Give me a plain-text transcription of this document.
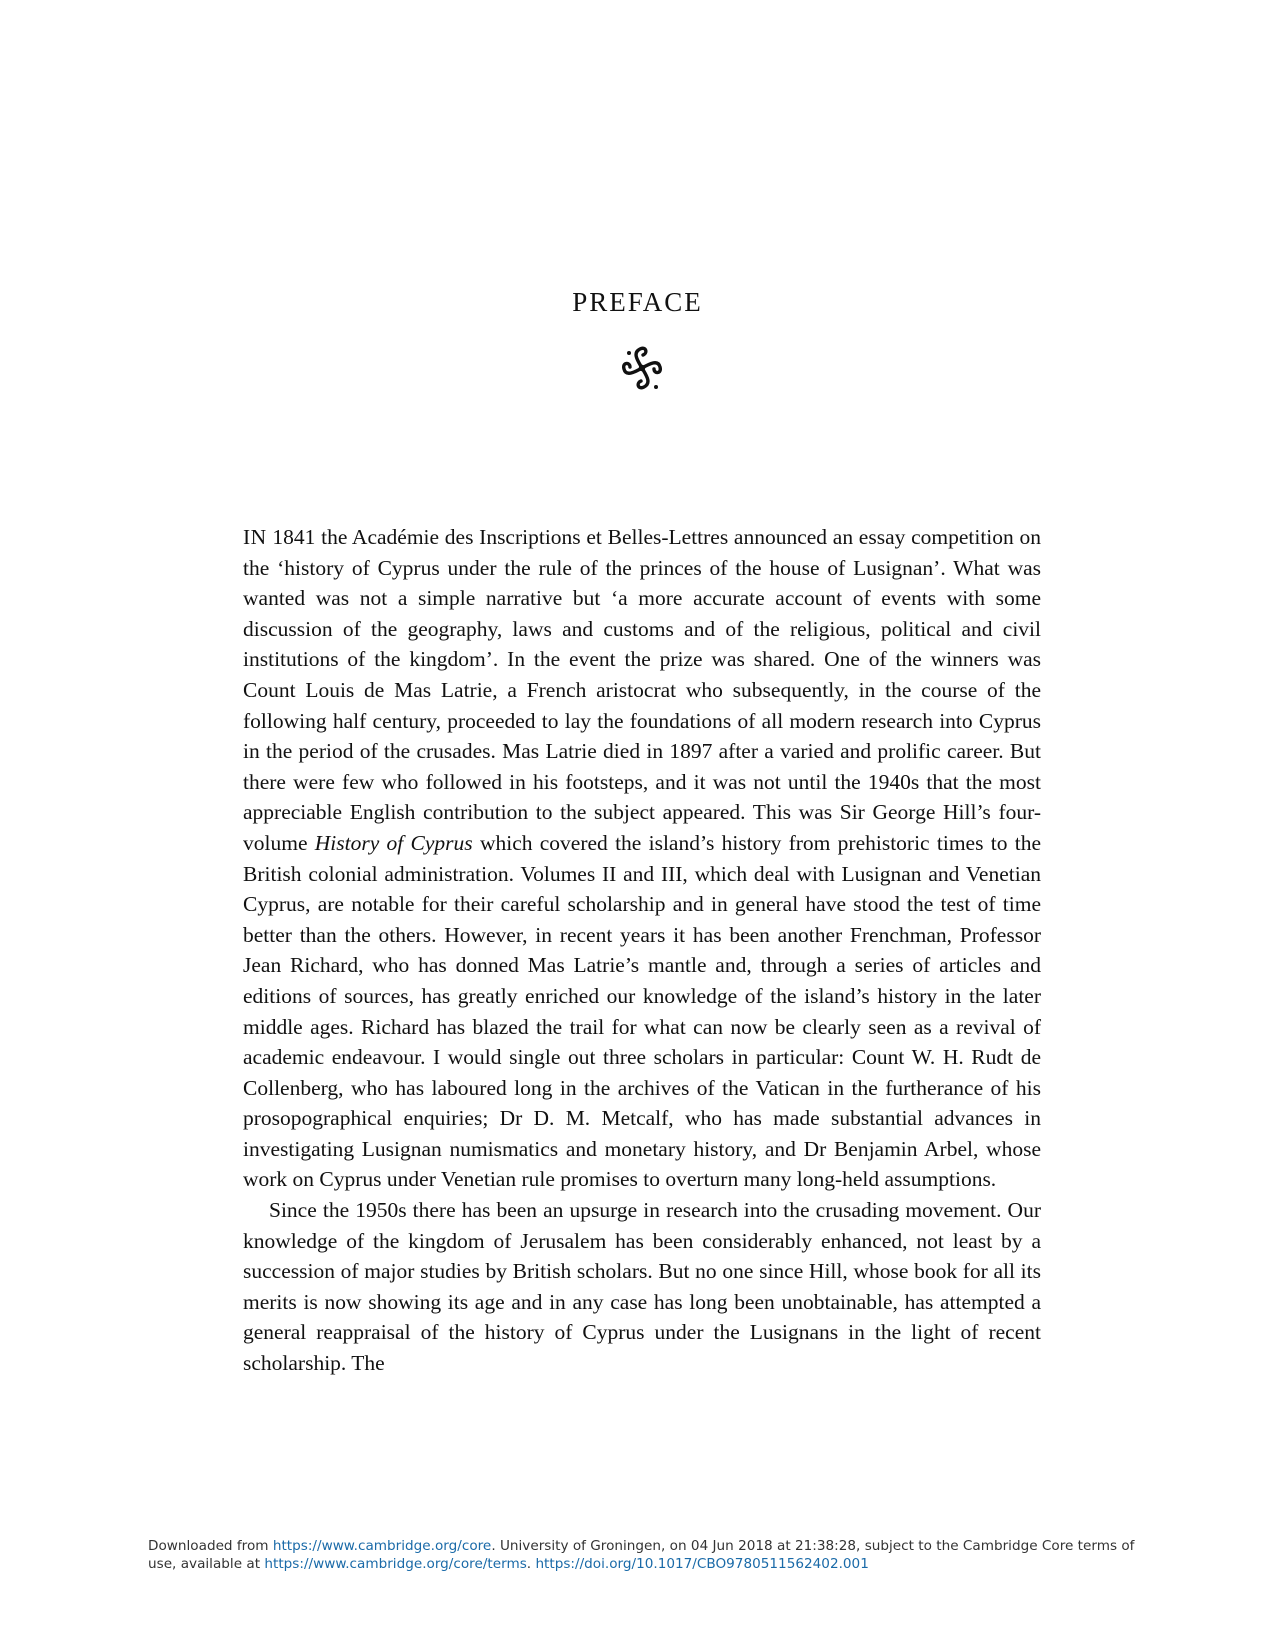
PREFACE

IN 1841 the Académie des Inscriptions et Belles-Lettres announced an essay competition on the ‘history of Cyprus under the rule of the princes of the house of Lusignan’. What was wanted was not a simple narrative but ‘a more accurate account of events with some discussion of the geography, laws and customs and of the religious, political and civil institutions of the kingdom’. In the event the prize was shared. One of the winners was Count Louis de Mas Latrie, a French aristocrat who subsequently, in the course of the following half century, proceeded to lay the foundations of all modern research into Cyprus in the period of the crusades. Mas Latrie died in 1897 after a varied and prolific career. But there were few who followed in his footsteps, and it was not until the 1940s that the most appreciable English contribution to the subject appeared. This was Sir George Hill’s four-volume History of Cyprus which covered the island’s history from prehistoric times to the British colonial administration. Volumes II and III, which deal with Lusignan and Venetian Cyprus, are notable for their careful scholarship and in general have stood the test of time better than the others. However, in recent years it has been another Frenchman, Professor Jean Richard, who has donned Mas Latrie’s mantle and, through a series of articles and editions of sources, has greatly enriched our knowledge of the island’s history in the later middle ages. Richard has blazed the trail for what can now be clearly seen as a revival of academic endeavour. I would single out three scholars in particular: Count W. H. Rudt de Collenberg, who has laboured long in the archives of the Vatican in the furtherance of his prosopographical enquiries; Dr D. M. Metcalf, who has made substantial advances in investigating Lusignan numismatics and monetary history, and Dr Benjamin Arbel, whose work on Cyprus under Venetian rule promises to overturn many long-held assumptions.

Since the 1950s there has been an upsurge in research into the crusading movement. Our knowledge of the kingdom of Jerusalem has been considerably enhanced, not least by a succession of major studies by British scholars. But no one since Hill, whose book for all its merits is now showing its age and in any case has long been unobtainable, has attempted a general reappraisal of the history of Cyprus under the Lusignans in the light of recent scholarship. The

Downloaded from https://www.cambridge.org/core. University of Groningen, on 04 Jun 2018 at 21:38:28, subject to the Cambridge Core terms of use, available at https://www.cambridge.org/core/terms. https://doi.org/10.1017/CBO9780511562402.001
